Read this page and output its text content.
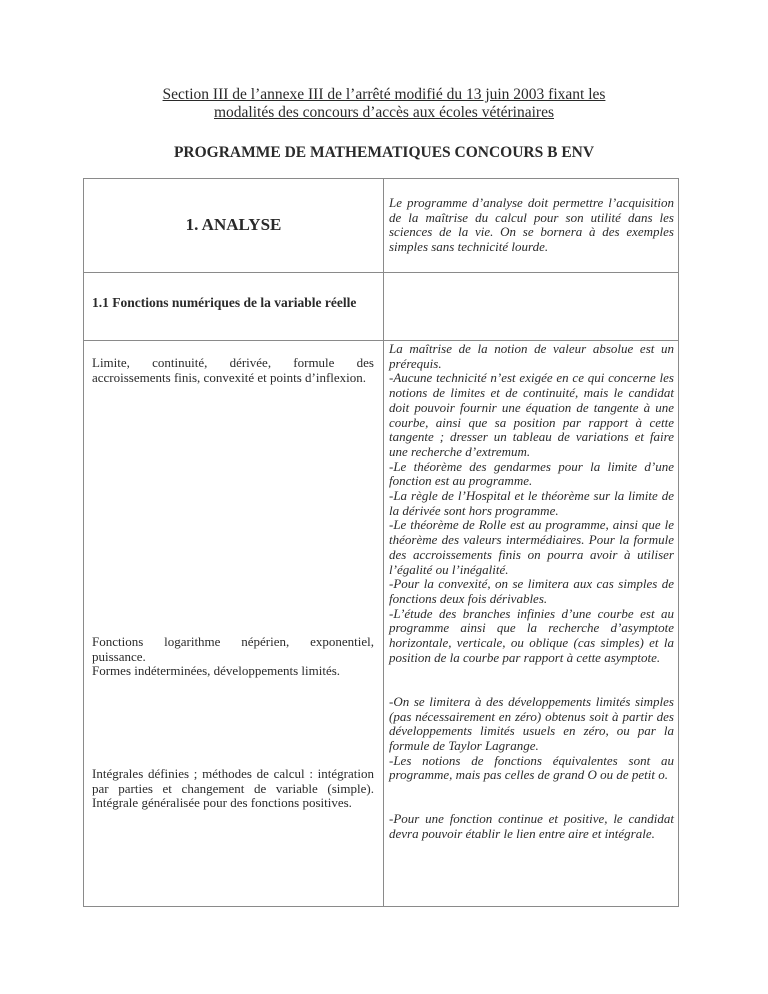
Section III de l’annexe III de l’arrêté modifié du 13 juin 2003 fixant les
modalités des concours d’accès aux écoles vétérinaires
PROGRAMME DE MATHEMATIQUES CONCOURS B ENV
1. ANALYSE
Le programme d’analyse doit permettre l’acquisition de la maîtrise du calcul pour son utilité dans les sciences de la vie. On se bornera à des exemples simples sans technicité lourde.
1.1 Fonctions numériques de la variable réelle
Limite, continuité, dérivée, formule des accroissements finis, convexité et points d’inflexion.
Fonctions logarithme népérien, exponentiel, puissance.
Formes indéterminées, développements limités.
Intégrales définies ; méthodes de calcul : intégration par parties et changement de variable (simple). Intégrale généralisée pour des fonctions positives.
La maîtrise de la notion de valeur absolue est un prérequis.
-Aucune technicité n’est exigée en ce qui concerne les notions de limites et de continuité, mais le candidat doit pouvoir fournir une équation de tangente à une courbe, ainsi que sa position par rapport à cette tangente ; dresser un tableau de variations et faire une recherche d’extremum.
-Le théorème des gendarmes pour la limite d’une fonction est au programme.
-La règle de l’Hospital et le théorème sur la limite de la dérivée sont hors programme.
-Le théorème de Rolle est au programme, ainsi que le théorème des valeurs intermédiaires. Pour la formule des accroissements finis on pourra avoir à utiliser l’égalité ou l’inégalité.
-Pour la convexité, on se limitera aux cas simples de fonctions deux fois dérivables.
-L’étude des branches infinies d’une courbe est au programme ainsi que la recherche d’asymptote horizontale, verticale, ou oblique (cas simples) et la position de la courbe par rapport à cette asymptote.
-On se limitera à des développements limités simples (pas nécessairement en zéro) obtenus soit à partir des développements limités usuels en zéro, ou par la formule de Taylor Lagrange.
-Les notions de fonctions équivalentes sont au programme, mais pas celles de grand O ou de petit o.
-Pour une fonction continue et positive, le candidat devra pouvoir établir le lien entre aire et intégrale.
